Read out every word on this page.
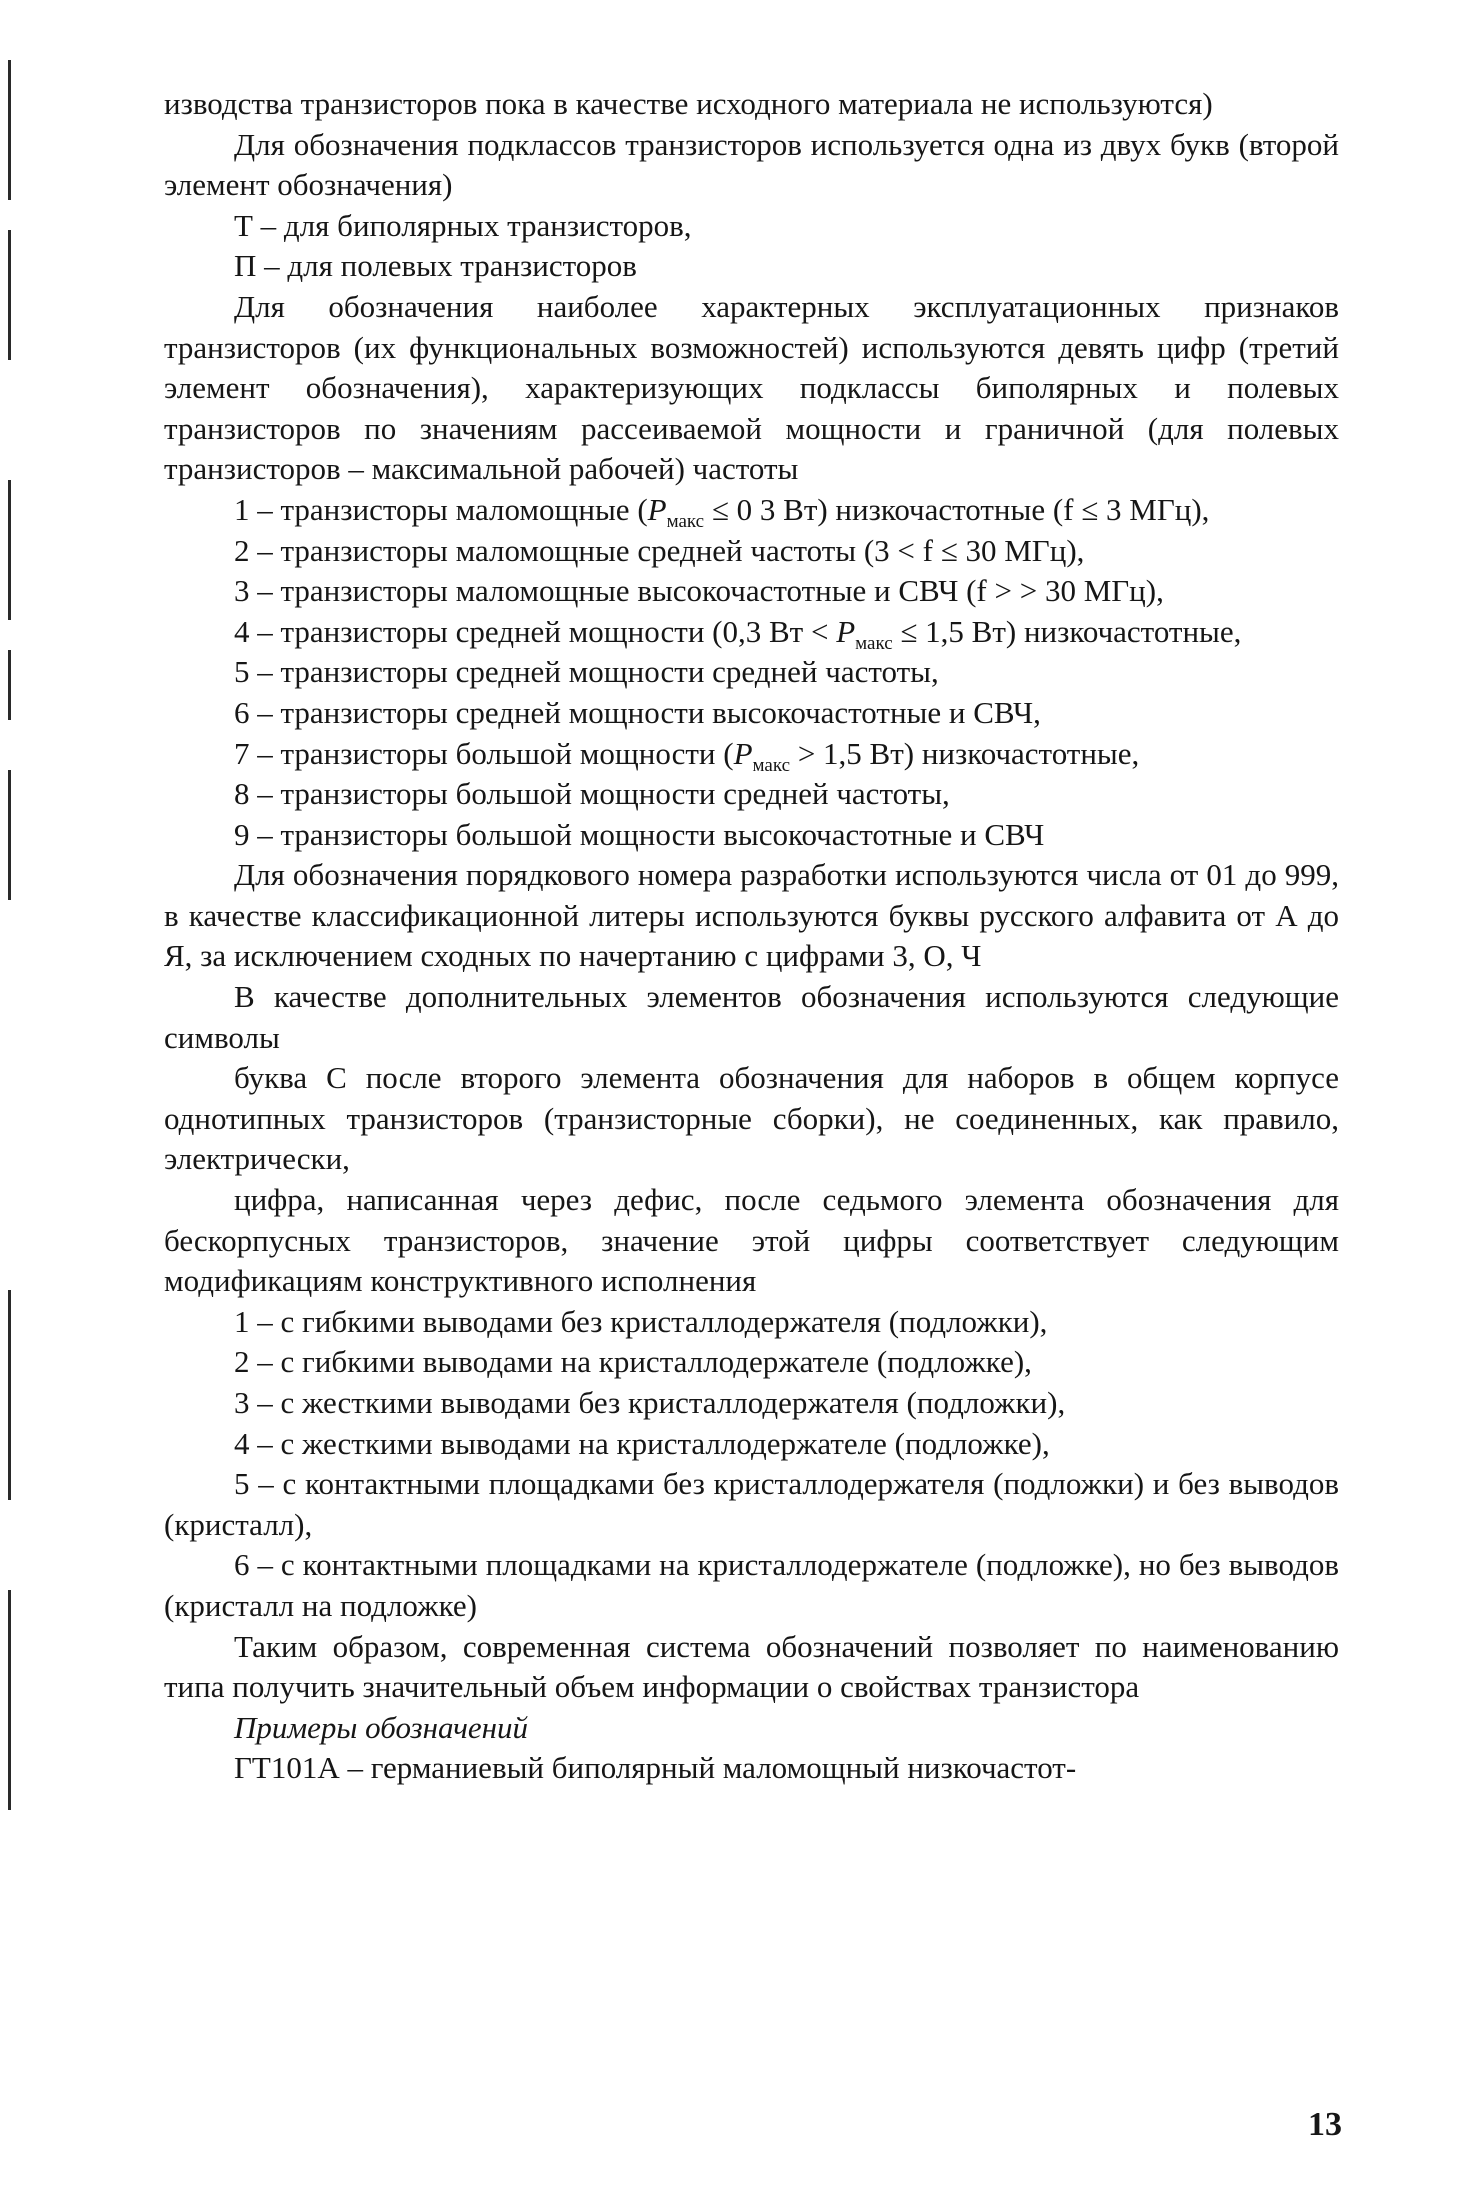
изводства транзисторов пока в качестве исходного материала не используются)

Для обозначения подклассов транзисторов используется одна из двух букв (второй элемент обозначения)

Т – для биполярных транзисторов,

П – для полевых транзисторов

Для обозначения наиболее характерных эксплуатационных признаков транзисторов (их функциональных возможностей) используются девять цифр (третий элемент обозначения), характеризующих подклассы биполярных и полевых транзисторов по значениям рассеиваемой мощности и граничной (для полевых транзисторов – максимальной рабочей) частоты

1 – транзисторы маломощные ($P_{макс} \le 0$ 3 Вт) низкочастотные (f ≤ 3 МГц),

2 – транзисторы маломощные средней частоты (3 < f ≤ 30 МГц),

3 – транзисторы маломощные высокочастотные и СВЧ (f > > 30 МГц),

4 – транзисторы средней мощности (0,3 Вт < $P_{макс} \le 1,5$ Вт) низкочастотные,

5 – транзисторы средней мощности средней частоты,

6 – транзисторы средней мощности высокочастотные и СВЧ,

7 – транзисторы большой мощности ($P_{макс} > 1,5$ Вт) низкочастотные,

8 – транзисторы большой мощности средней частоты,

9 – транзисторы большой мощности высокочастотные и СВЧ

Для обозначения порядкового номера разработки используются числа от 01 до 999, в качестве классификационной литеры используются буквы русского алфавита от А до Я, за исключением сходных по начертанию с цифрами 3, О, Ч

В качестве дополнительных элементов обозначения используются следующие символы

буква С после второго элемента обозначения для наборов в общем корпусе однотипных транзисторов (транзисторные сборки), не соединенных, как правило, электрически,

цифра, написанная через дефис, после седьмого элемента обозначения для бескорпусных транзисторов, значение этой цифры соответствует следующим модификациям конструктивного исполнения

1 – с гибкими выводами без кристаллодержателя (подложки),

2 – с гибкими выводами на кристаллодержателе (подложке),

3 – с жесткими выводами без кристаллодержателя (подложки),

4 – с жесткими выводами на кристаллодержателе (подложке),

5 – с контактными площадками без кристаллодержателя (подложки) и без выводов (кристалл),

6 – с контактными площадками на кристаллодержателе (подложке), но без выводов (кристалл на подложке)

Таким образом, современная система обозначений позволяет по наименованию типа получить значительный объем информации о свойствах транзистора

Примеры обозначений

ГТ101А – германиевый биполярный маломощный низкочастот-

13
